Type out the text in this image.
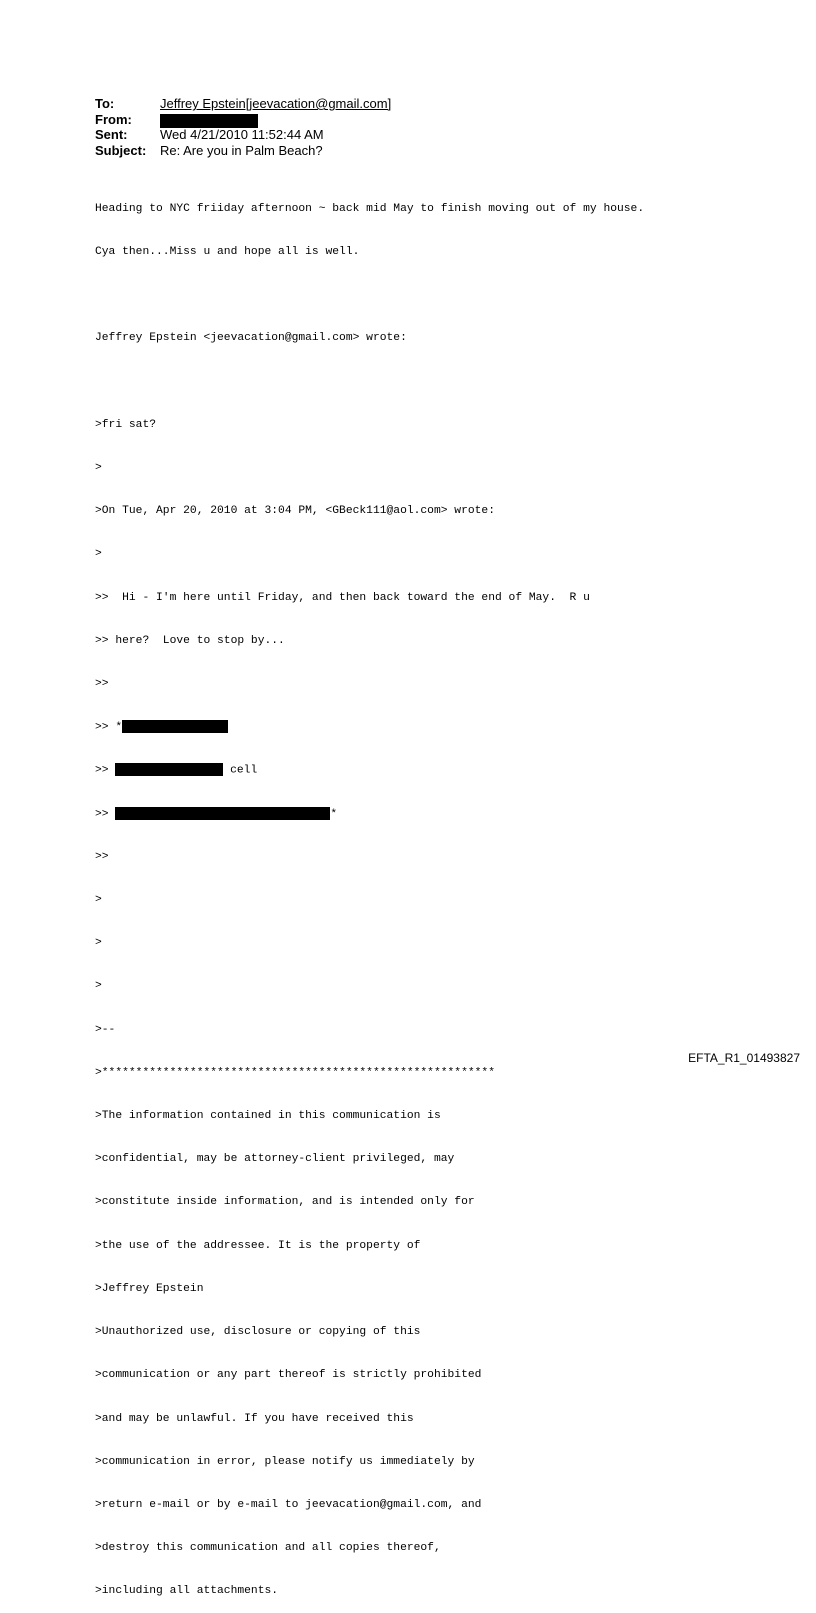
To:	Jeffrey Epstein[jeevacation@gmail.com]
From:
Sent:	Wed 4/21/2010 11:52:44 AM
Subject:	Re: Are you in Palm Beach?

Heading to NYC friiday afternoon ~ back mid May to finish moving out of my house.

Cya then...Miss u and hope all is well.

Jeffrey Epstein <jeevacation@gmail.com> wrote:

>fri sat?

>

>On Tue, Apr 20, 2010 at 3:04 PM, <GBeck111@aol.com> wrote:

>

>>  Hi - I'm here until Friday, and then back toward the end of May.  R u

>> here?  Love to stop by...

>>

>> *

>>	cell

>>	*

>>

>

>

>

>--

>**********************************************************

>The information contained in this communication is

>confidential, may be attorney-client privileged, may

>constitute inside information, and is intended only for

>the use of the addressee. It is the property of

>Jeffrey Epstein

>Unauthorized use, disclosure or copying of this

>communication or any part thereof is strictly prohibited

>and may be unlawful. If you have received this

>communication in error, please notify us immediately by

>return e-mail or by e-mail to jeevacation@gmail.com, and

>destroy this communication and all copies thereof,

>including all attachments.

EFTA_R1_01493827
